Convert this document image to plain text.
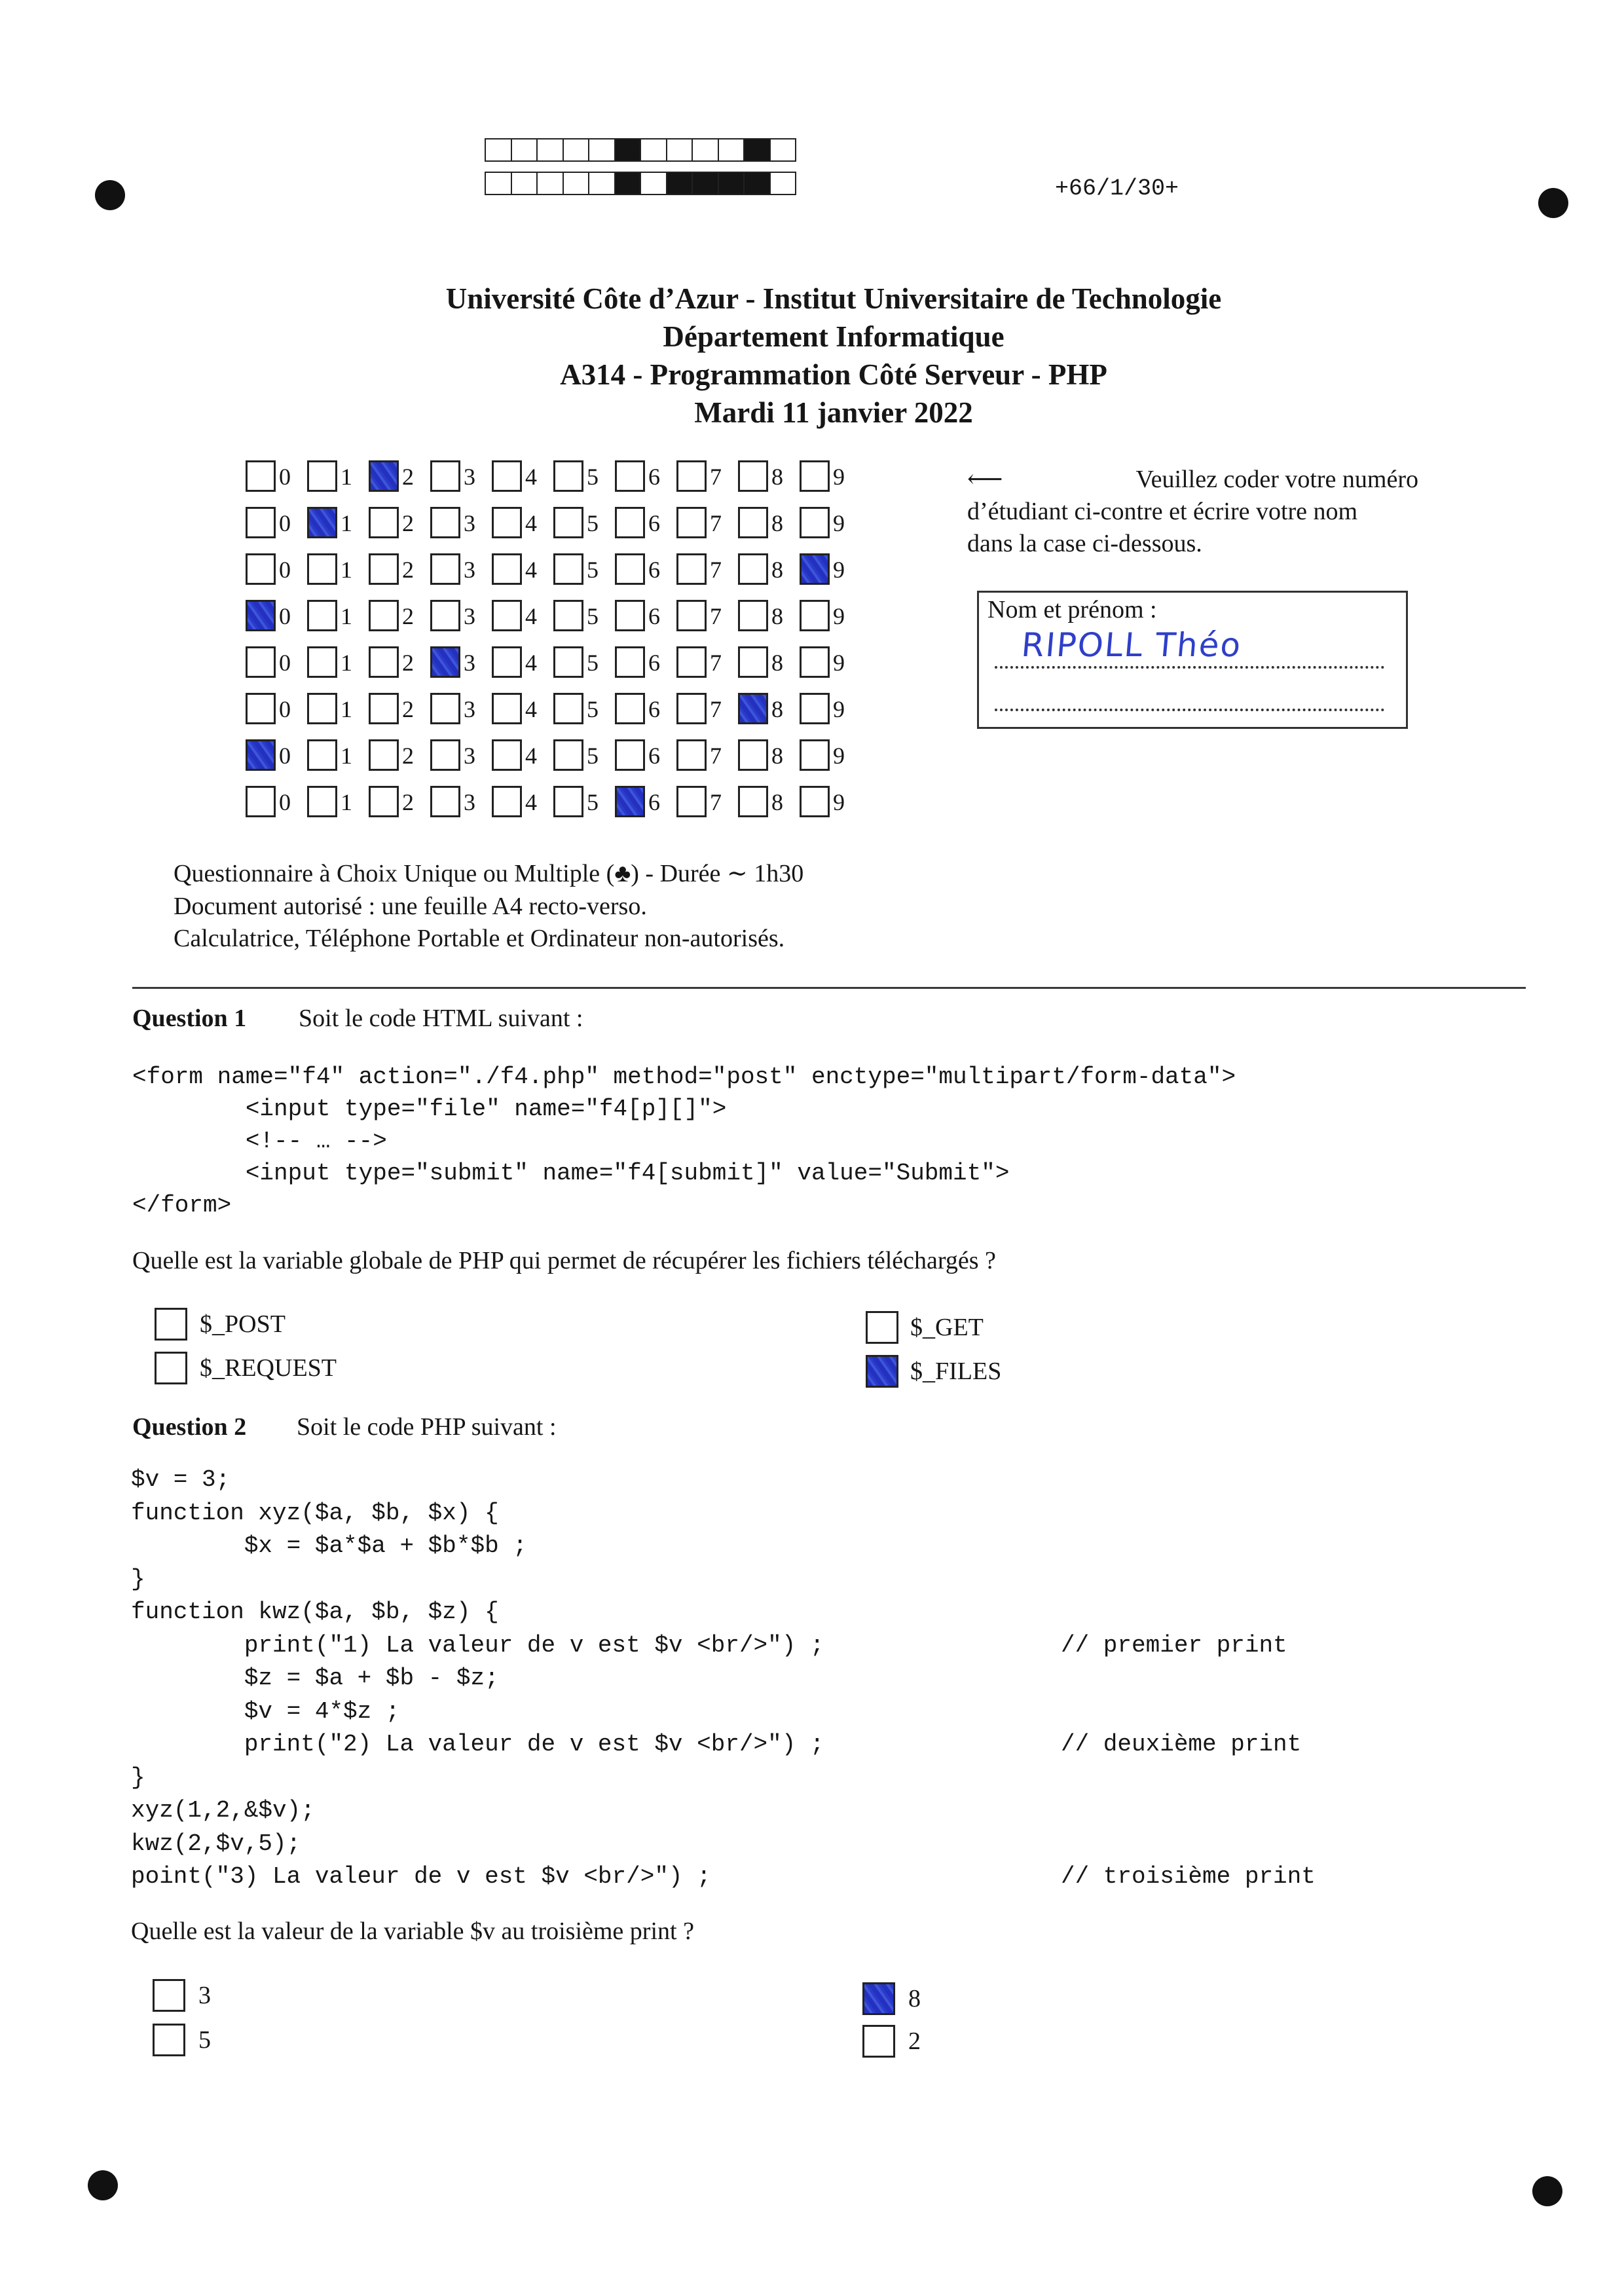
+66/1/30+
Université Côte d’Azur - Institut Universitaire de Technologie
Département Informatique
A314 - Programmation Côté Serveur - PHP
Mardi 11 janvier 2022
0 1 2 3 4 5 6 7 8 9
0 1 2 3 4 5 6 7 8 9
0 1 2 3 4 5 6 7 8 9
0 1 2 3 4 5 6 7 8 9
0 1 2 3 4 5 6 7 8 9
0 1 2 3 4 5 6 7 8 9
0 1 2 3 4 5 6 7 8 9
0 1 2 3 4 5 6 7 8 9
⟵	Veuillez coder votre numéro
d’étudiant ci-contre et écrire votre nom
dans la case ci-dessous.
Nom et prénom :
RIPOLL Théo
Questionnaire à Choix Unique ou Multiple (♣) - Durée ∼ 1h30
Document autorisé : une feuille A4 recto-verso.
Calculatrice, Téléphone Portable et Ordinateur non-autorisés.
Question 1 Soit le code HTML suivant :
<form name="f4" action="./f4.php" method="post" enctype="multipart/form-data">
<input type="file" name="f4[p][]">
<!-- … -->
<input type="submit" name="f4[submit]" value="Submit">
</form>
Quelle est la variable globale de PHP qui permet de récupérer les fichiers téléchargés ?
$_POST
$_REQUEST
$_GET
$_FILES
Question 2 Soit le code PHP suivant :
$v = 3;
function xyz($a, $b, $x) {
$x = $a*$a + $b*$b ;
}
function kwz($a, $b, $z) {
print("1) La valeur de v est $v <br/>") ;	// premier print
$z = $a + $b - $z;
$v = 4*$z ;
print("2) La valeur de v est $v <br/>") ;	// deuxième print
}
xyz(1,2,&$v);
kwz(2,$v,5);
point("3) La valeur de v est $v <br/>") ;	// troisième print
Quelle est la valeur de la variable $v au troisième print ?
3
5
8
2
